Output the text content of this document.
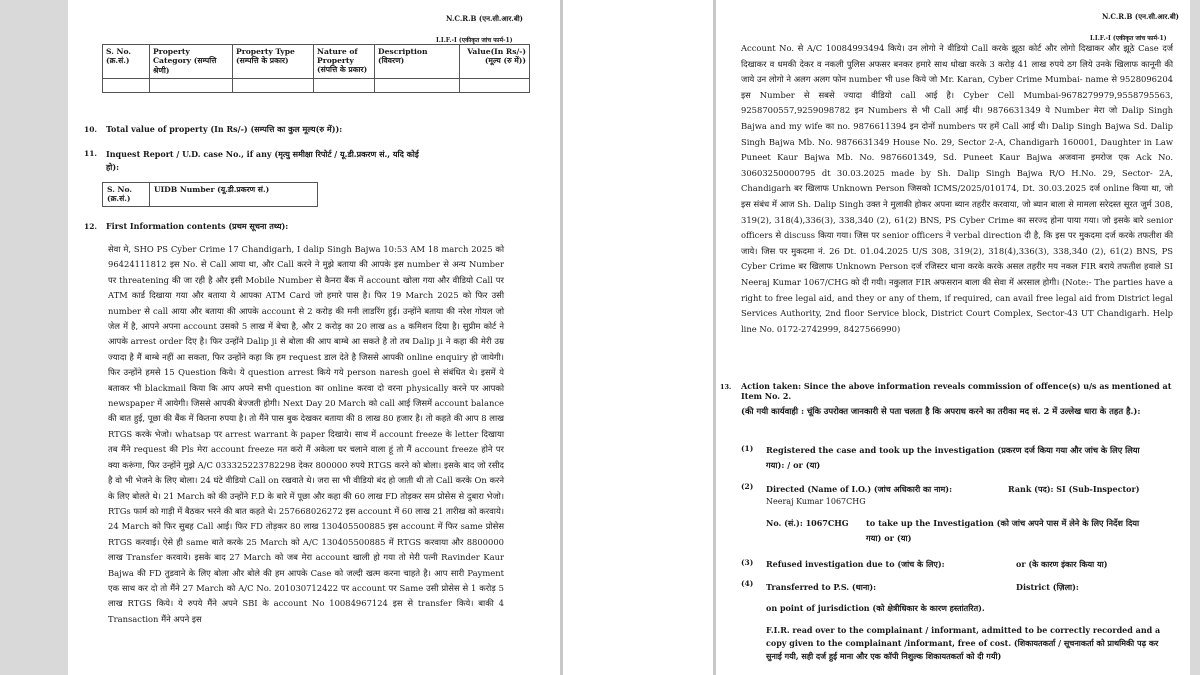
N.C.R.B (एन.सी.आर.बी)
I.I.F.-I (एकीकृत जांच फार्म-1)
S. No. (क्र.सं.)	Property Category (सम्पत्ति श्रेणी)	Property Type (सम्पत्ति के प्रकार)	Nature of Property (संपत्ति के प्रकार)	Description (विवरण)	Value(In Rs/-) (मूल्य (रु में))

10. Total value of property (In Rs/-) (सम्पत्ति का कुल मूल्य(रु में)):
11. Inquest Report / U.D. case No., if any (मृत्यु समीक्षा रिपोर्ट / यू.डी.प्रकरण सं., यदि कोई हो):
S. No. (क्र.सं.)	UIDB Number (यू.डी.प्रकरण सं.)
12. First Information contents (प्रथम सूचना तथ्य):
सेवा मे, SHO PS Cyber Crime 17 Chandigarh, I dalip Singh Bajwa 10:53 AM 18 march 2025 को 96424111812 इस No. से Call आया था, और Call करने ने मुझे बताया की आपके इस number से अन्य Number पर threatening की जा रही है और इसी Mobile Number से कैनरा बैंक में account खोला गया और वीडियो Call पर ATM कार्ड दिखाया गया और बताया ये आपका ATM Card जो हमारे पास है। फिर 19 March 2025 को फिर उसी number से call आया और बताया की आपके account से 2 करोड़ की मनी लाडरिंग हुई। उन्होंने बताया की नरेश गोयल जो जेल में है, आपने अपना account उसको 5 लाख में बेचा है, और 2 करोड़ का 20 लाख as a कमिशन दिया है। सुप्रीम कोर्ट ने आपके arrest order दिए है। फिर उन्होंने Dalip ji से बोला की आप बाम्बे आ सकते है तो तब Dalip ji ने कहा की मेरी उम्र ज्यादा है मैं बाम्बे नहीं आ सकता, फिर उन्होंने कहा कि हम request डाल देते है जिससे आपकी online enquiry हो जायेगी। फिर उन्होंने हमसे 15 Question किये। ये question arrest किये गये person naresh goel से संबंधित थे। इसमें ये बताकर भी blackmail किया कि आप अपने सभी question का online करवा दो वरना physically करने पर आपको newspaper में आयेगी। जिससे आपकी बेज्जती होगी। Next Day 20 March को call आई जिसमें account balance की बात हुई, पूछा की बैंक में कितना रुपया है। तो मैंने पास बुक देखकर बताया की 8 लाख 80 हजार है। तो कहते की आप 8 लाख RTGS करके भेजो। whatsap पर arrest warrant के paper दिखाये। साथ में account freeze के letter दिखाया तब मैंने request की Pls मेरा account freeze मत करो मैं अकेला घर चलाने वाला हूं तो मैं account freeze होने पर क्या करूंगा, फिर उन्होंने मुझे A/C 033325223782298 देकर 800000 रुपये RTGS करने को बोला। इसके बाद जो रसीद है वो भी भेजने के लिए बोला। 24 घंटे वीडियो Call on रखवाते थे। जरा सा भी वीडियो बंद हो जाती थी तो Call करके On करने के लिए बोलते थे। 21 March को की उन्होंने F.D के बारे में पूछा और कहा की 60 लाख FD तोड़कर सम प्रोसेस से दुबारा भेजो। RTGs फार्म को गाड़ी में बैठकर भरने की बात कहते थे। 257668026272 इस account में 60 लाख 21 तारीख को करवाये। 24 March को फिर सुबह Call आई। फिर FD तोड़कर 80 लाख 130405500885 इस account में फिर same प्रोसेस RTGS करवाई। ऐसे ही same बाते करके 25 March को A/C 130405500885 में RTGS करवाया और 8800000 लाख Transfer करवाये। इसके बाद 27 March को जब मेरा account खाली हो गया तो मेरी पत्नी Ravinder Kaur Bajwa की FD तुडवाने के लिए बोला और बोले की हम आपके Case को जल्दी खत्म करना चाहते है। आप सारी Payment एक साथ कर दो तो मैंने 27 March को A/C No. 201030712422 पर account पर Same उसी प्रोसेस से 1 करोड़ 5 लाख RTGS किये। ये रुपये मैंने अपने SBI के account No 10084967124 इस से transfer किये। बाकी 4 Transaction मैंने अपने इस
N.C.R.B (एन.सी.आर.बी)
I.I.F.-I (एकीकृत जांच फार्म-1)
Account No. से A/C 10084993494 किये। उन लोगो ने वीडियो Call करके झूठा कोर्ट और लोगो दिखाकर और झूठे Case दर्ज दिखाकर व धमकी देकर व नकली पुलिस अफसर बनकर हमारे साथ धोखा करके 3 करोड़ 41 लाख रुपये ठग लिये उनके खिलाफ कानूनी की जाये उन लोगो ने अलग अलग फोन number भी use किये जो Mr. Karan, Cyber Crime Mumbai- name से 9528096204 इस Number से सबसे ज्यादा वीडियो call आई है। Cyber Cell Mumbai-9678279979,9558795563, 9258700557,9259098782 इन Numbers से भी Call आई थी। 9876631349 ये Number मेरा जो Dalip Singh Bajwa and my wife का no. 9876611394 इन दोनों numbers पर हमें Call आई थी। Dalip Singh Bajwa Sd. Dalip Singh Bajwa Mb. No. 9876631349 House No. 29, Sector 2-A, Chandigarh 160001, Daughter in Law Puneet Kaur Bajwa Mb. No. 9876601349, Sd. Puneet Kaur Bajwa अजवाना इमरोज एक Ack No. 30603250000795 dt 30.03.2025 made by Sh. Dalip Singh Bajwa R/O H.No. 29, Sector- 2A, Chandigarh बर खिलाफ Unknown Person जिसको ICMS/2025/010174, Dt. 30.03.2025 दर्ज online किया था, जो इस संबंध में आज Sh. Dalip Singh उक्त ने मुलाकी होकर अपना ब्यान तहरीर करवाया, जो ब्यान बाला से मामला सरेदस्त सूरत जुर्म 308, 319(2), 318(4),336(3), 338,340 (2), 61(2) BNS, PS Cyber Crime का सरज्द होना पाया गया। जो इसके बारे senior officers से discuss किया गया। जिस पर senior officers ने verbal direction दी है, कि इस पर मुकदमा दर्ज करके तफतीश की जाये। जिस पर मुकदमा नं. 26 Dt. 01.04.2025 U/S 308, 319(2), 318(4),336(3), 338,340 (2), 61(2) BNS, PS Cyber Crime बर खिलाफ Unknown Person दर्ज रजिस्टर थाना करके करके असल तहरीर मय नकल FIR बराये तफतीश हवाले SI Neeraj Kumar 1067/CHG को दी गयी। नकुलात FIR अफसरान बाला की सेवा में अरसाल होगी। (Note:- The parties have a right to free legal aid, and they or any of them, if required, can avail free legal aid from District legal Services Authority, 2nd floor Service block, District Court Complex, Sector-43 UT Chandigarh. Help line No. 0172-2742999, 8427566990)
13. Action taken: Since the above information reveals commission of offence(s) u/s as mentioned at Item No. 2.
(की गयी कार्यवाही : चूंकि उपरोक्त जानकारी से पता चलता है कि अपराध करने का तरीका मद सं. 2 में उल्लेख धारा के तहत है.):
(1) Registered the case and took up the investigation (प्रकरण दर्ज किया गया और जांच के लिए लिया गया): / or (या)
(2) Directed (Name of I.O.) (जांच अधिकारी का नाम):	Rank (पद): SI (Sub-Inspector)
Neeraj Kumar 1067CHG
No. (सं.): 1067CHG	to take up the Investigation (को जांच अपने पास में लेने के लिए निर्देश दिया गया) or (या)
(3) Refused investigation due to (जांच के लिए):	or (के कारण इंकार किया या)
(4) Transferred to P.S. (थाना):	District (ज़िला):
on point of jurisdiction (को क्षेत्रीधिकार के कारण हस्तांतरित).
F.I.R. read over to the complainant / informant, admitted to be correctly recorded and a copy given to the complainant /informant, free of cost. (शिकायतकर्ता / सूचनाकर्ता को प्राथमिकी पढ़ कर सुनाई गयी, सही दर्ज हुई माना और एक कॉपी निशुल्क शिकायतकर्ता को दी गयी)
